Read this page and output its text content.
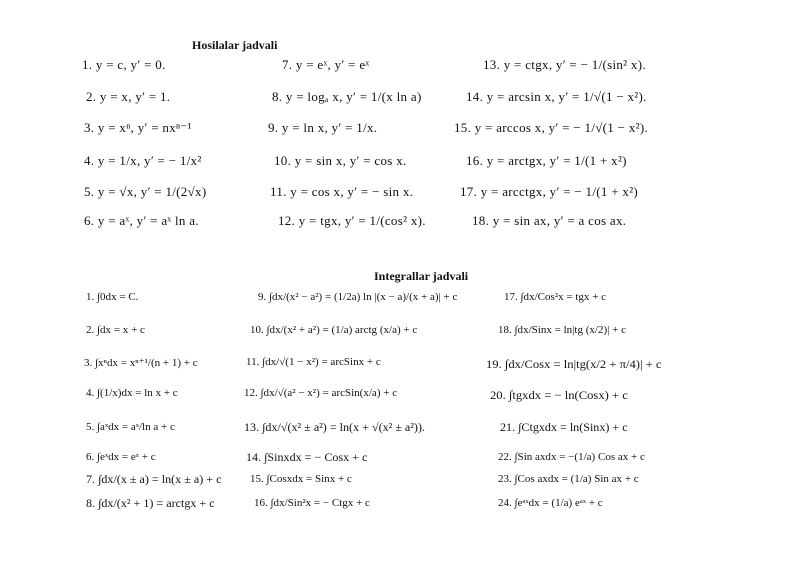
Hosilalar jadvali
1. y = c, y′ = 0.	7. y = eˣ, y′ = eˣ	13. y = ctgx, y′ = − 1/(sin² x).
2. y = x, y′ = 1.	8. y = logₐ x, y′ = 1/(x ln a)	14. y = arcsin x, y′ = 1/√(1 − x²).
3. y = xⁿ, y′ = nxⁿ⁻¹	9. y = ln x, y′ = 1/x.	15. y = arccos x, y′ = − 1/√(1 − x²).
4. y = 1/x, y′ = − 1/x²	10. y = sin x, y′ = cos x.	16. y = arctgx, y′ = 1/(1 + x²)
5. y = √x, y′ = 1/(2√x)	11. y = cos x, y′ = − sin x.	17. y = arcctgx, y′ = − 1/(1 + x²)
6. y = aˣ, y′ = aˣ ln a.	12. y = tgx, y′ = 1/(cos² x).	18. y = sin ax, y′ = a cos ax.
Integrallar jadvali
1. ∫0dx = C.	9. ∫dx/(x² − a²) = (1/2a) ln |(x − a)/(x + a)| + c	17. ∫dx/Cos²x = tgx + c
2. ∫dx = x + c	10. ∫dx/(x² + a²) = (1/a) arctg (x/a) + c	18. ∫dx/Sinx = ln|tg (x/2)| + c
3. ∫xⁿdx = xⁿ⁺¹/(n + 1) + c	11. ∫dx/√(1 − x²) = arcSinx + c	19. ∫dx/Cosx = ln|tg(x/2 + π/4)| + c
4. ∫(1/x)dx = ln x + c	12. ∫dx/√(a² − x²) = arcSin(x/a) + c	20. ∫tgxdx = − ln(Cosx) + c
5. ∫aˣdx = aˣ/ln a + c	13. ∫dx/√(x² ± a²) = ln(x + √(x² ± a²)).	21. ∫Ctgxdx = ln(Sinx) + c
6. ∫eˣdx = eˣ + c	14. ∫Sinxdx = − Cosx + c	22. ∫Sin axdx = −(1/a) Cos ax + c
7. ∫dx/(x ± a) = ln(x ± a) + c	15. ∫Cosxdx = Sinx + c	23. ∫Cos axdx = (1/a) Sin ax + c
8. ∫dx/(x² + 1) = arctgx + c	16. ∫dx/Sin²x = − Ctgx + c	24. ∫eᵃˣdx = (1/a) eᵃˣ + c
